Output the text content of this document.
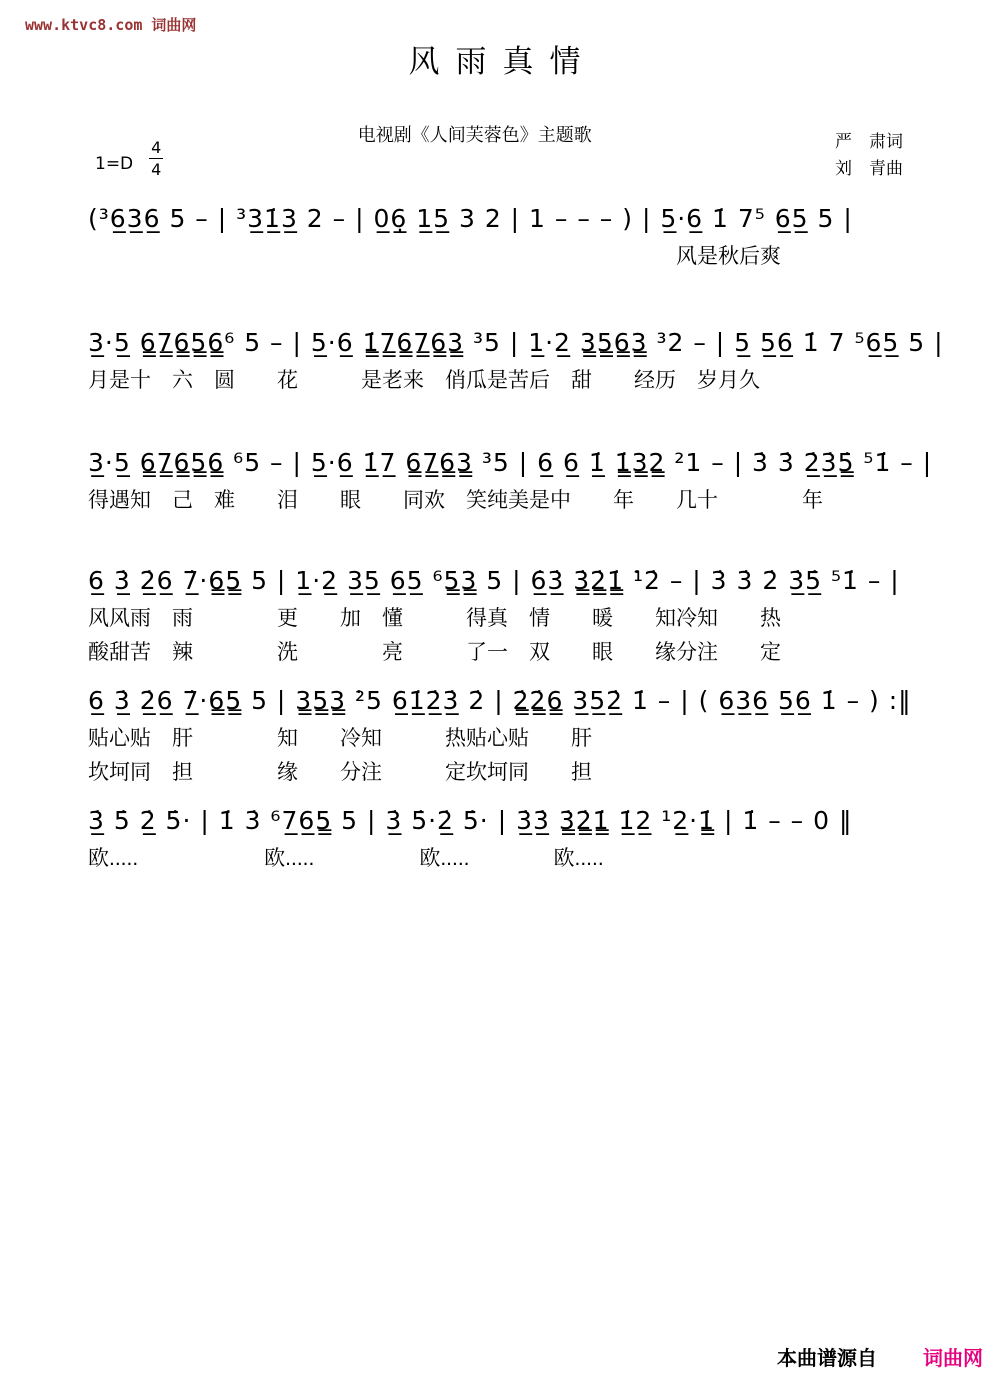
www.ktvc8.com 词曲网
风雨真情
电视剧《人间芙蓉色》主题歌	严　肃词
刘　青曲
$1=D \frac{4}{4}$
(³6̲3̲6̲ 5 – | ³3̲1̲̇3̲ 2 – | 0̲6̣̲ 1̲5̲ 3 2 | 1 – – – ) | 5̲·6̲ 1̇ 7⁵ 6̲5̲ 5 |
　　　　　　　　　　　　　　　　　　　　　　　　　　　　风是秋后爽
3̲·5̲ 6̳7̳6̳5̳6̳⁶ 5 – | 5̲·6̲ 1̳̇7̳6̳7̳6̳3̳ ³5 | 1̲·2̲ 3̳5̳6̳3̳ ³2 – | 5̲ 5̲6̲ 1̇ 7 ⁵6̲5̲ 5 |
月是十　六　圆　　花　　　是老来　俏瓜是苦后　甜　　经历　岁月久
3̲·5̲ 6̳7̳6̳5̳6̳ ⁶5 – | 5̲·6̲ 1̲̇7̲ 6̳7̳6̳3̳ ³5 | 6̲ 6̲ 1̲̇ 1̳̇3̳2̳ ²1 – | 3̇ 3̇ 2̲̇3̲̇5̳̇ ⁵1̇ – |
得遇知　己　难　　泪　　眼　　同欢　笑纯美是中　　年　　几十　　　　年
6̲ 3̲̇ 2̲̇6̲ 7̲̇·6̳5̳ 5 | 1̲·2̲ 3̲5̲ 6̲5̲ ⁶5̳3̳ 5 | 6̲̇3̲̇ 3̳̇2̳̇1̳̇ ¹̇2̇ – | 3̇ 3̇ 2̇ 3̲̇5̲̇ ⁵1̇ – |
风风雨　雨　　　　更　　加　懂　　　得真　情　　暖　　知冷知　　热
酸甜苦　辣　　　　洗　　　　亮　　　了一　双　　眼　　缘分注　　定
6̲ 3̲̇ 2̲̇6̲ 7̲̇·6̳5̳ 5 | 3̳5̳3̳ ²̇5 6̲1̲̇2̲̇3̲̇ 2̇ | 2̳̇2̳̇6̳ 3̲5̲2̲̇ 1̇ – | ( 6̲3̲6̲ 5̲6̲ 1̇ – ) :‖
贴心贴　肝　　　　知　　冷知　　　热贴心贴　　肝
坎坷同　担　　　　缘　　分注　　　定坎坷同　　担
3̲̇ 5̇ 2̲̇ 5̇· | 1̇ 3̇ ⁶7̲6̲5̳ 5 | 3̲̇ 5̇·2̲̇ 5̇· | 3̲̇3̲̇ 3̳̇2̳̇1̳̇ 1̲̇2̲ ¹2̲·1̳̇ | 1̇ – – 0 ‖
欧.....　　　　　　欧.....　　　　　欧.....　　　　欧.....

本曲谱源自 词曲网
